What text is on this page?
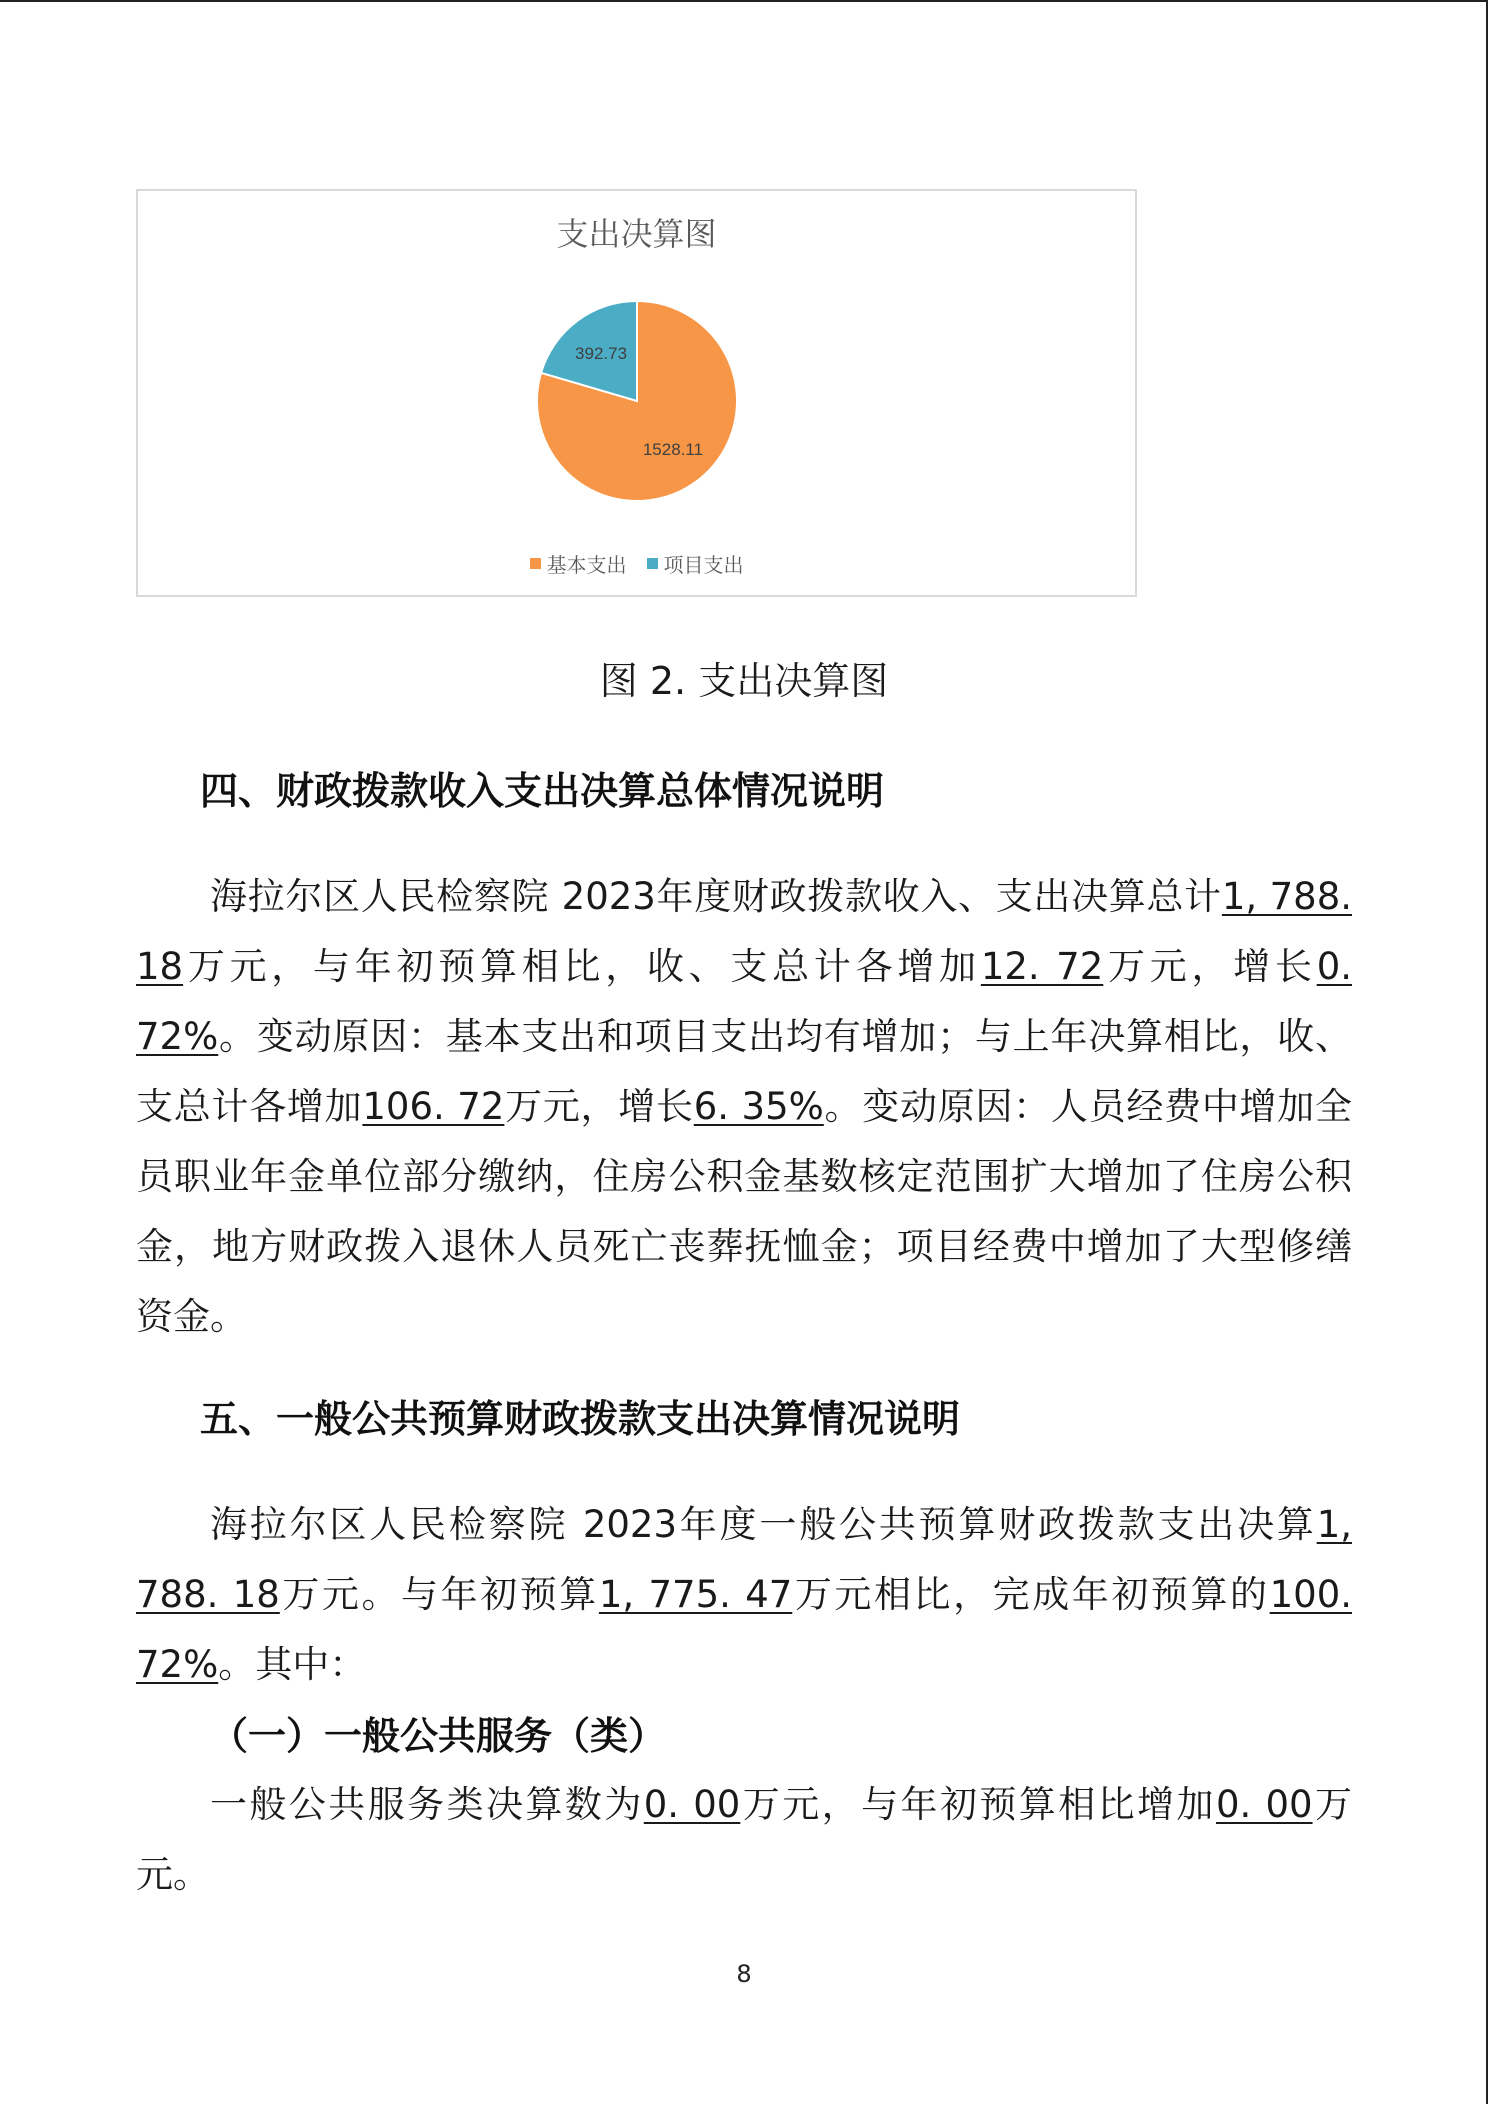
支出决算图
1528.11
392.73
基本支出 项目支出
图 2. 支出决算图
四、财政拨款收入支出决算总体情况说明

海拉尔区人民检察院 2023年度财政拨款收入、支出决算总计1, 788. 18万元，与年初预算相比，收、支总计各增加12. 72万元，增长0. 72%。变动原因：基本支出和项目支出均有增加；与上年决算相比，收、支总计各增加106. 72万元，增长6. 35%。变动原因：人员经费中增加全员职业年金单位部分缴纳，住房公积金基数核定范围扩大增加了住房公积金，地方财政拨入退休人员死亡丧葬抚恤金；项目经费中增加了大型修缮资金。

五、一般公共预算财政拨款支出决算情况说明

海拉尔区人民检察院 2023年度一般公共预算财政拨款支出决算1, 788. 18万元。与年初预算1, 775. 47万元相比，完成年初预算的100. 72%。其中：

（一）一般公共服务（类）

一般公共服务类决算数为0. 00万元，与年初预算相比增加0. 00万元。

8
